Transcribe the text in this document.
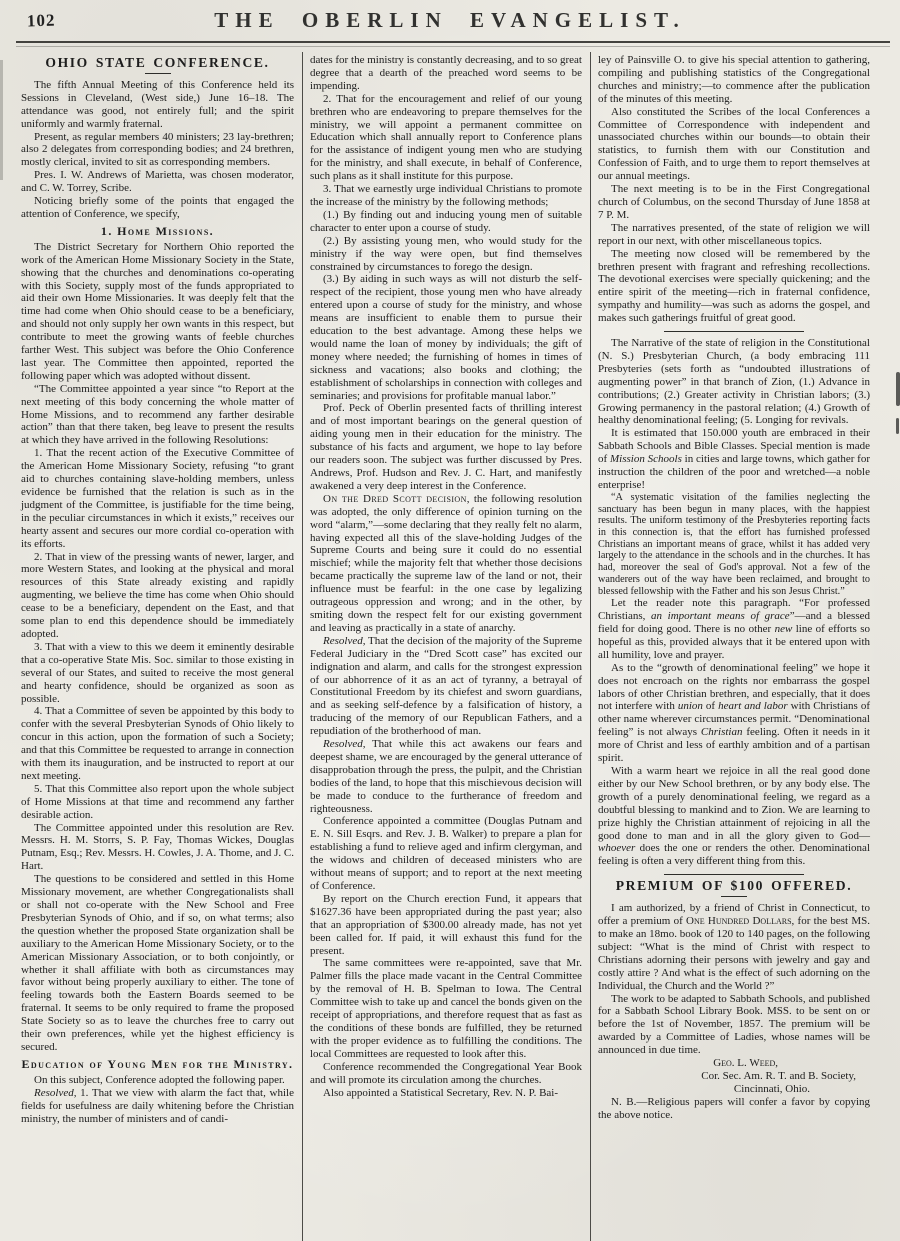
102	THE OBERLIN EVANGELIST.
OHIO STATE CONFERENCE.

The fifth Annual Meeting of this Conference held its Sessions in Cleveland, (West side,) June 16–18. The attendance was good, not entirely full; and the spirit uniformly and warmly fraternal.

Present, as regular members 40 ministers; 23 lay-brethren; also 2 delegates from corresponding bodies; and 24 brethren, mostly clerical, invited to sit as corresponding members.

Pres. I. W. Andrews of Marietta, was chosen moderator, and C. W. Torrey, Scribe.

Noticing briefly some of the points that engaged the attention of Conference, we specify,

1. Home Missions.

The District Secretary for Northern Ohio reported the work of the American Home Missionary Society in the State, showing that the churches and denominations co-operating with this Society, supply most of the funds appropriated to aid their own Home Missionaries. It was deeply felt that the time had come when Ohio should cease to be a beneficiary, and should not only supply her own wants in this respect, but contribute to meet the growing wants of feeble churches farther West. This subject was before the Ohio Conference last year. The Committee then appointed, reported the following paper which was adopted without dissent.

“The Committee appointed a year since “to Report at the next meeting of this body concerning the whole matter of Home Missions, and to recommend any farther desirable action” than that there taken, beg leave to present the results at which they have arrived in the following Resolutions:

1. That the recent action of the Executive Committee of the American Home Missionary Society, refusing “to grant aid to churches containing slave-holding members, unless evidence be furnished that the relation is such as in the judgment of the Committee, is justifiable for the time being, in the peculiar circumstances in which it exists,” receives our hearty assent and secures our more cordial co-operation with its efforts.

2. That in view of the pressing wants of newer, larger, and more Western States, and looking at the physical and moral resources of this State already existing and rapidly augmenting, we believe the time has come when Ohio should cease to be a beneficiary, dependent on the East, and that some plan to end this dependence should be immediately adopted.

3. That with a view to this we deem it eminently desirable that a co-operative State Mis. Soc. similar to those existing in several of our States, and suited to receive the most general and hearty confidence, should be organized as soon as possible.

4. That a Committee of seven be appointed by this body to confer with the several Presbyterian Synods of Ohio likely to concur in this action, upon the formation of such a Society; and that this Committee be requested to arrange in connection with them its inauguration, and be instructed to report at our next meeting.

5. That this Committee also report upon the whole subject of Home Missions at that time and recommend any farther desirable action.

The Committee appointed under this resolution are Rev. Messrs. H. M. Storrs, S. P. Fay, Thomas Wickes, Douglas Putnam, Esq.; Rev. Messrs. H. Cowles, J. A. Thome, and J. C. Hart.

The questions to be considered and settled in this Home Missionary movement, are whether Congregationalists shall or shall not co-operate with the New School and Free Presbyterian Synods of Ohio, and if so, on what terms; also the question whether the proposed State organization shall be auxiliary to the American Home Missionary Society, or to the American Missionary Association, or to both conjointly, or whether it shall affiliate with both as circumstances may favor without being properly auxiliary to either. The tone of feeling towards both the Eastern Boards seemed to be fraternal. It seems to be only required to frame the proposed State Society so as to leave the churches free to carry out their own preferences, while yet the highest efficiency is secured.

Education of Young Men for the Ministry.

On this subject, Conference adopted the following paper.

Resolved, 1. That we view with alarm the fact that, while fields for usefulness are daily whitening before the Christian ministry, the number of ministers and of candi-

dates for the ministry is constantly decreasing, and to so great degree that a dearth of the preached word seems to be impending.

2. That for the encouragement and relief of our young brethren who are endeavoring to prepare themselves for the ministry, we will appoint a permanent committee on Education which shall annually report to Conference plans for the assistance of indigent young men who are studying for the ministry, and shall execute, in behalf of Conference, such plans as it shall institute for this purpose.

3. That we earnestly urge individual Christians to promote the increase of the ministry by the following methods;

(1.) By finding out and inducing young men of suitable character to enter upon a course of study.

(2.) By assisting young men, who would study for the ministry if the way were open, but find themselves constrained by circumstances to forego the design.

(3.) By aiding in such ways as will not disturb the self-respect of the recipient, those young men who have already entered upon a course of study for the ministry, and whose means are insufficient to enable them to pursue their education to the best advantage. Among these helps we would name the loan of money by individuals; the gift of money where needed; the furnishing of homes in times of sickness and vacations; also books and clothing; the establishment of scholarships in connection with colleges and seminaries; and provisions for profitable manual labor.”

Prof. Peck of Oberlin presented facts of thrilling interest and of most important bearings on the general question of aiding young men in their education for the ministry. The substance of his facts and argument, we hope to lay before our readers soon. The subject was further discussed by Pres. Andrews, Prof. Hudson and Rev. J. C. Hart, and manifestly awakened a very deep interest in the Conference.

On the Dred Scott decision, the following resolution was adopted, the only difference of opinion turning on the word “alarm,”—some declaring that they really felt no alarm, having expected all this of the slave-holding Judges of the Supreme Courts and being sure it could do no essential mischief; while the majority felt that whether those decisions became practically the supreme law of the land or not, their influence must be fearful: in the one case by legalizing outrageous oppression and wrong; and in the other, by smiting down the respect felt for our existing government and leaving as practically in a state of anarchy.

Resolved, That the decision of the majority of the Supreme Federal Judiciary in the “Dred Scott case” has excited our indignation and alarm, and calls for the strongest expression of our abhorrence of it as an act of tyranny, a betrayal of Constitutional Freedom by its chiefest and sworn guardians, and as seeking self-defence by a falsification of history, a traducing of the memory of our Republican Fathers, and a repudiation of the brotherhood of man.

Resolved, That while this act awakens our fears and deepest shame, we are encouraged by the general utterance of disapprobation through the press, the pulpit, and the Christian bodies of the land, to hope that this mischievous decision will be made to conduce to the furtherance of freedom and righteousness.

Conference appointed a committee (Douglas Putnam and E. N. Sill Esqrs. and Rev. J. B. Walker) to prepare a plan for establishing a fund to relieve aged and infirm clergyman, and the widows and children of deceased ministers who are without means of support; and to report at the next meeting of Conference.

By report on the Church erection Fund, it appears that $1627.36 have been appropriated during the past year; also that an appropriation of $300.00 already made, has not yet been called for. If paid, it will exhaust this fund for the present.

The same committees were re-appointed, save that Mr. Palmer fills the place made vacant in the Central Committee by the removal of H. B. Spelman to Iowa. The Central Committee wish to take up and cancel the bonds given on the receipt of appropriations, and therefore request that as fast as the conditions of these bonds are fulfilled, they be returned with the proper evidence as to fulfilling the conditions. The local Committees are requested to look after this.

Conference recommended the Congregational Year Book and will promote its circulation among the churches.

Also appointed a Statistical Secretary, Rev. N. P. Bai-

ley of Painsville O. to give his special attention to gathering, compiling and publishing statistics of the Congregational churches and ministry;—to commence after the publication of the minutes of this meeting.

Also constituted the Scribes of the local Conferences a Committee of Correspondence with independent and unassociated churches within our bounds—to obtain their statistics, to furnish them with our Constitution and Confession of Faith, and to urge them to report themselves at our annual meetings.

The next meeting is to be in the First Congregational church of Columbus, on the second Thursday of June 1858 at 7 P. M.

The narratives presented, of the state of religion we will report in our next, with other miscellaneous topics.

The meeting now closed will be remembered by the brethren present with fragrant and refreshing recollections. The devotional exercises were specially quickening; and the entire spirit of the meeting—rich in fraternal confidence, sympathy and humility—was such as adorns the gospel, and makes such gatherings fruitful of great good.

The Narrative of the state of religion in the Constitutional (N. S.) Presbyterian Church, (a body embracing 111 Presbyteries (sets forth as “undoubted illustrations of augmenting power” in that branch of Zion, (1.) Advance in contributions; (2.) Greater activity in Christian labors; (3.) Growing permanency in the pastoral relation; (4.) Growth of healthy denominational feeling; (5. Longing for revivals.

It is estimated that 150.000 youth are embraced in their Sabbath Schools and Bible Classes. Special mention is made of Mission Schools in cities and large towns, which gather for instruction the children of the poor and wretched—a noble enterprise!

“A systematic visitation of the families neglecting the sanctuary has been begun in many places, with the happiest results. The uniform testimony of the Presbyteries reporting facts in this connection is, that the effort has furnished professed Christians an important means of grace, whilst it has added very largely to the attendance in the schools and in the churches. It has had, moreover the seal of God's approval. Not a few of the wanderers out of the way have been reclaimed, and brought to blessed fellowship with the Father and his son Jesus Christ.”

Let the reader note this paragraph. “For professed Christians, an important means of grace”—and a blessed field for doing good. There is no other new line of efforts so hopeful as this, provided always that it be entered upon with all humility, love and prayer.

As to the “growth of denominational feeling” we hope it does not encroach on the rights nor embarrass the gospel labors of other Christian brethren, and especially, that it does not interfere with union of heart and labor with Christians of other name wherever circumstances permit. “Denominational feeling” is not always Christian feeling. Often it needs in it more of Christ and less of earthly ambition and of a partisan spirit.

With a warm heart we rejoice in all the real good done either by our New School brethren, or by any body else. The growth of a purely denominational feeling, we regard as a doubtful blessing to mankind and to Zion. We are learning to prize highly the Christian attainment of rejoicing in all the good done to man and in all the glory given to God—whoever does the one or renders the other. Denominational feeling is often a very different thing from this.

PREMIUM OF $100 OFFERED.

I am authorized, by a friend of Christ in Connecticut, to offer a premium of One Hundred Dollars, for the best MS. to make an 18mo. book of 120 to 140 pages, on the following subject: “What is the mind of Christ with respect to Christians adorning their persons with jewelry and gay and costly attire ? And what is the effect of such adorning on the Individual, the Church and the World ?”

The work to be adapted to Sabbath Schools, and published for a Sabbath School Library Book. MSS. to be sent on or before the 1st of November, 1857. The premium will be awarded by a Committee of Ladies, whose names will be announced in due time.

Geo. L. Weed,
Cor. Sec. Am. R. T. and B. Society,
Cincinnati, Ohio.

N. B.—Religious papers will confer a favor by copying the above notice.
